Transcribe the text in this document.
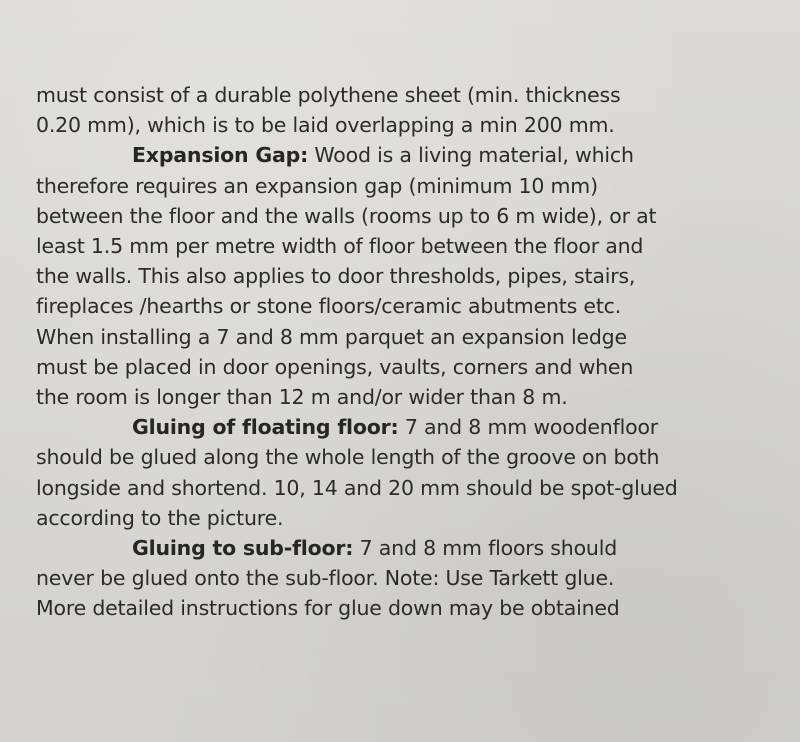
must consist of a durable polythene sheet (min. thickness
0.20 mm), which is to be laid overlapping a min 200 mm.
Expansion Gap: Wood is a living material, which
therefore requires an expansion gap (minimum 10 mm)
between the floor and the walls (rooms up to 6 m wide), or at
least 1.5 mm per metre width of floor between the floor and
the walls. This also applies to door thresholds, pipes, stairs,
fireplaces /hearths or stone floors/ceramic abutments etc.
When installing a 7 and 8 mm parquet an expansion ledge
must be placed in door openings, vaults, corners and when
the room is longer than 12 m and/or wider than 8 m.
Gluing of floating floor: 7 and 8 mm woodenfloor
should be glued along the whole length of the groove on both
longside and shortend. 10, 14 and 20 mm should be spot-glued
according to the picture.
Gluing to sub-floor: 7 and 8 mm floors should
never be glued onto the sub-floor. Note: Use Tarkett glue.
More detailed instructions for glue down may be obtained
